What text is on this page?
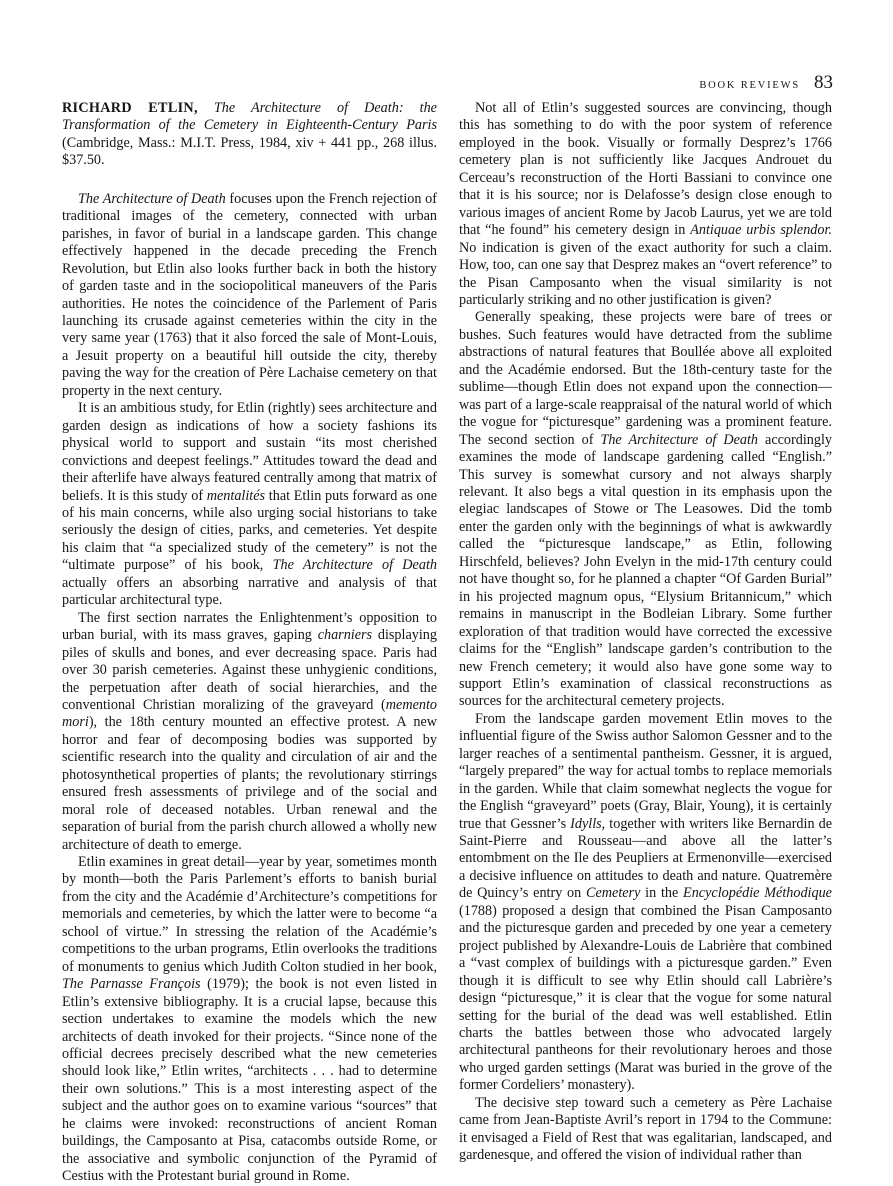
BOOK REVIEWS 83

RICHARD ETLIN, The Architecture of Death: the Transformation of the Cemetery in Eighteenth-Century Paris (Cambridge, Mass.: M.I.T. Press, 1984, xiv + 441 pp., 268 illus. $37.50.

The Architecture of Death focuses upon the French rejection of traditional images of the cemetery, connected with urban parishes, in favor of burial in a landscape garden. This change effectively happened in the decade preceding the French Revolution, but Etlin also looks further back in both the history of garden taste and in the sociopolitical maneuvers of the Paris authorities. He notes the coincidence of the Parlement of Paris launching its crusade against cemeteries within the city in the very same year (1763) that it also forced the sale of Mont-Louis, a Jesuit property on a beautiful hill outside the city, thereby paving the way for the creation of Père Lachaise cemetery on that property in the next century.

It is an ambitious study, for Etlin (rightly) sees architecture and garden design as indications of how a society fashions its physical world to support and sustain “its most cherished convictions and deepest feelings.” Attitudes toward the dead and their afterlife have always featured centrally among that matrix of beliefs. It is this study of mentalités that Etlin puts forward as one of his main concerns, while also urging social historians to take seriously the design of cities, parks, and cemeteries. Yet despite his claim that “a specialized study of the cemetery” is not the “ultimate purpose” of his book, The Architecture of Death actually offers an absorbing narrative and analysis of that particular architectural type.

The first section narrates the Enlightenment’s opposition to urban burial, with its mass graves, gaping charniers displaying piles of skulls and bones, and ever decreasing space. Paris had over 30 parish cemeteries. Against these unhygienic conditions, the perpetuation after death of social hierarchies, and the conventional Christian moralizing of the graveyard (memento mori), the 18th century mounted an effective protest. A new horror and fear of decomposing bodies was supported by scientific research into the quality and circulation of air and the photosynthetical properties of plants; the revolutionary stirrings ensured fresh assessments of privilege and of the social and moral role of deceased notables. Urban renewal and the separation of burial from the parish church allowed a wholly new architecture of death to emerge.

Etlin examines in great detail—year by year, sometimes month by month—both the Paris Parlement’s efforts to banish burial from the city and the Académie d’Architecture’s competitions for memorials and cemeteries, by which the latter were to become “a school of virtue.” In stressing the relation of the Académie’s competitions to the urban programs, Etlin overlooks the traditions of monuments to genius which Judith Colton studied in her book, The Parnasse François (1979); the book is not even listed in Etlin’s extensive bibliography. It is a crucial lapse, because this section undertakes to examine the models which the new architects of death invoked for their projects. “Since none of the official decrees precisely described what the new cemeteries should look like,” Etlin writes, “architects . . . had to determine their own solutions.” This is a most interesting aspect of the subject and the author goes on to examine various “sources” that he claims were invoked: reconstructions of ancient Roman buildings, the Camposanto at Pisa, catacombs outside Rome, or the associative and symbolic conjunction of the Pyramid of Cestius with the Protestant burial ground in Rome.

Not all of Etlin’s suggested sources are convincing, though this has something to do with the poor system of reference employed in the book. Visually or formally Desprez’s 1766 cemetery plan is not sufficiently like Jacques Androuet du Cerceau’s reconstruction of the Horti Bassiani to convince one that it is his source; nor is Delafosse’s design close enough to various images of ancient Rome by Jacob Laurus, yet we are told that “he found” his cemetery design in Antiquae urbis splendor. No indication is given of the exact authority for such a claim. How, too, can one say that Desprez makes an “overt reference” to the Pisan Camposanto when the visual similarity is not particularly striking and no other justification is given?

Generally speaking, these projects were bare of trees or bushes. Such features would have detracted from the sublime abstractions of natural features that Boullée above all exploited and the Académie endorsed. But the 18th-century taste for the sublime—though Etlin does not expand upon the connection—was part of a large-scale reappraisal of the natural world of which the vogue for “picturesque” gardening was a prominent feature. The second section of The Architecture of Death accordingly examines the mode of landscape gardening called “English.” This survey is somewhat cursory and not always sharply relevant. It also begs a vital question in its emphasis upon the elegiac landscapes of Stowe or The Leasowes. Did the tomb enter the garden only with the beginnings of what is awkwardly called the “picturesque landscape,” as Etlin, following Hirschfeld, believes? John Evelyn in the mid-17th century could not have thought so, for he planned a chapter “Of Garden Burial” in his projected magnum opus, “Elysium Britannicum,” which remains in manuscript in the Bodleian Library. Some further exploration of that tradition would have corrected the excessive claims for the “English” landscape garden’s contribution to the new French cemetery; it would also have gone some way to support Etlin’s examination of classical reconstructions as sources for the architectural cemetery projects.

From the landscape garden movement Etlin moves to the influential figure of the Swiss author Salomon Gessner and to the larger reaches of a sentimental pantheism. Gessner, it is argued, “largely prepared” the way for actual tombs to replace memorials in the garden. While that claim somewhat neglects the vogue for the English “graveyard” poets (Gray, Blair, Young), it is certainly true that Gessner’s Idylls, together with writers like Bernardin de Saint-Pierre and Rousseau—and above all the latter’s entombment on the Ile des Peupliers at Ermenonville—exercised a decisive influence on attitudes to death and nature. Quatremère de Quincy’s entry on Cemetery in the Encyclopédie Méthodique (1788) proposed a design that combined the Pisan Camposanto and the picturesque garden and preceded by one year a cemetery project published by Alexandre-Louis de Labrière that combined a “vast complex of buildings with a picturesque garden.” Even though it is difficult to see why Etlin should call Labrière’s design “picturesque,” it is clear that the vogue for some natural setting for the burial of the dead was well established. Etlin charts the battles between those who advocated largely architectural pantheons for their revolutionary heroes and those who urged garden settings (Marat was buried in the grove of the former Cordeliers’ monastery).

The decisive step toward such a cemetery as Père Lachaise came from Jean-Baptiste Avril’s report in 1794 to the Commune: it envisaged a Field of Rest that was egalitarian, landscaped, and gardenesque, and offered the vision of individual rather than
